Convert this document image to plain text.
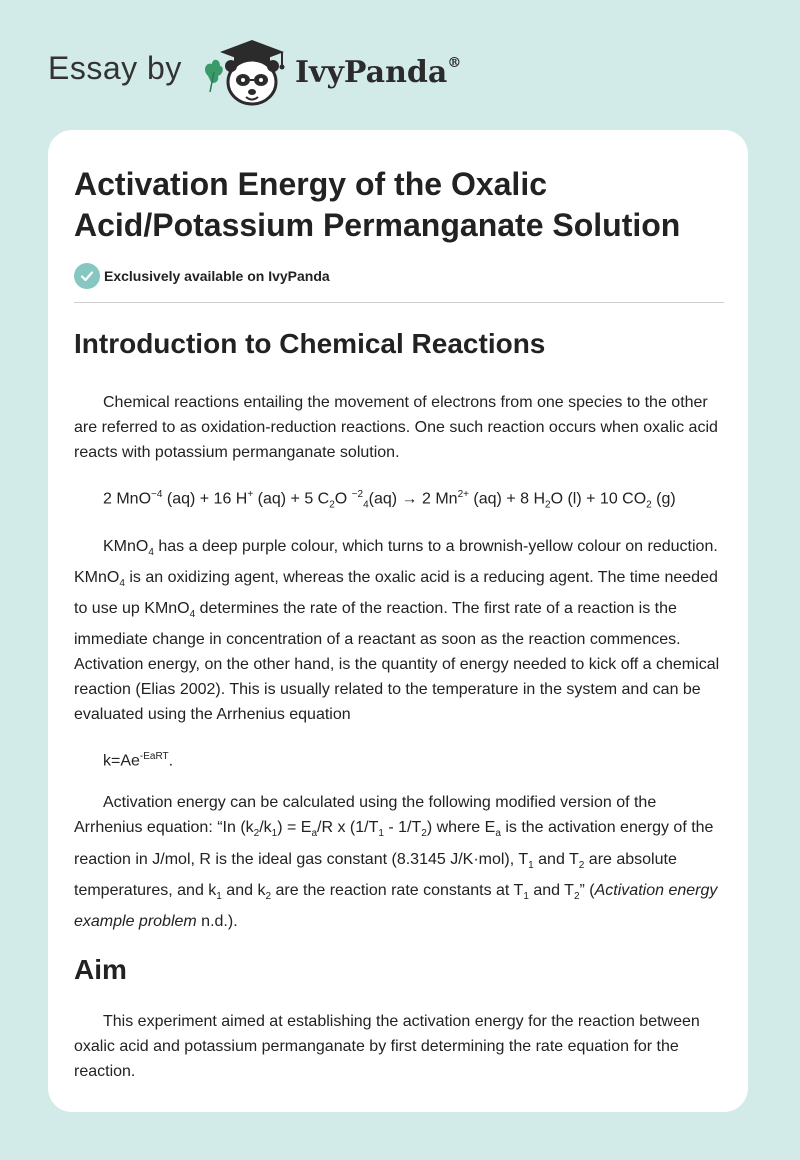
Essay by	IvyPanda®
Activation Energy of the Oxalic Acid/Potassium Permanganate Solution
Exclusively available on IvyPanda
Introduction to Chemical Reactions

Chemical reactions entailing the movement of electrons from one species to the other are referred to as oxidation-reduction reactions. One such reaction occurs when oxalic acid reacts with potassium permanganate solution.

2 MnO$^{-4}$ (aq) + 16 H+ (aq) + 5 $C_2O$ $^{-2}_4$(aq) → 2 $Mn^{2+}$ (aq) + 8 $H_2O$ (l) + 10 $CO_2$ (g)

KMnO$_4$ has a deep purple colour, which turns to a brownish-yellow colour on reduction. KMnO$_4$ is an oxidizing agent, whereas the oxalic acid is a reducing agent. The time needed to use up KMnO$_4$ determines the rate of the reaction. The first rate of a reaction is the immediate change in concentration of a reactant as soon as the reaction commences. Activation energy, on the other hand, is the quantity of energy needed to kick off a chemical reaction (Elias 2002). This is usually related to the temperature in the system and can be evaluated using the Arrhenius equation

$k=Ae^{-EaRT}$.

Activation energy can be calculated using the following modified version of the Arrhenius equation: “In $(k_2/k_1) = E_a/R$ x $(1/T_1 - 1/T_2)$ where $E_a$ is the activation energy of the reaction in J/mol, R is the ideal gas constant (8.3145 J/K·mol), $T_1$ and $T_2$ are absolute temperatures, and $k_1$ and $k_2$ are the reaction rate constants at $T_1$ and $T_2$” (Activation energy example problem n.d.).

Aim

This experiment aimed at establishing the activation energy for the reaction between oxalic acid and potassium permanganate by first determining the rate equation for the reaction.
